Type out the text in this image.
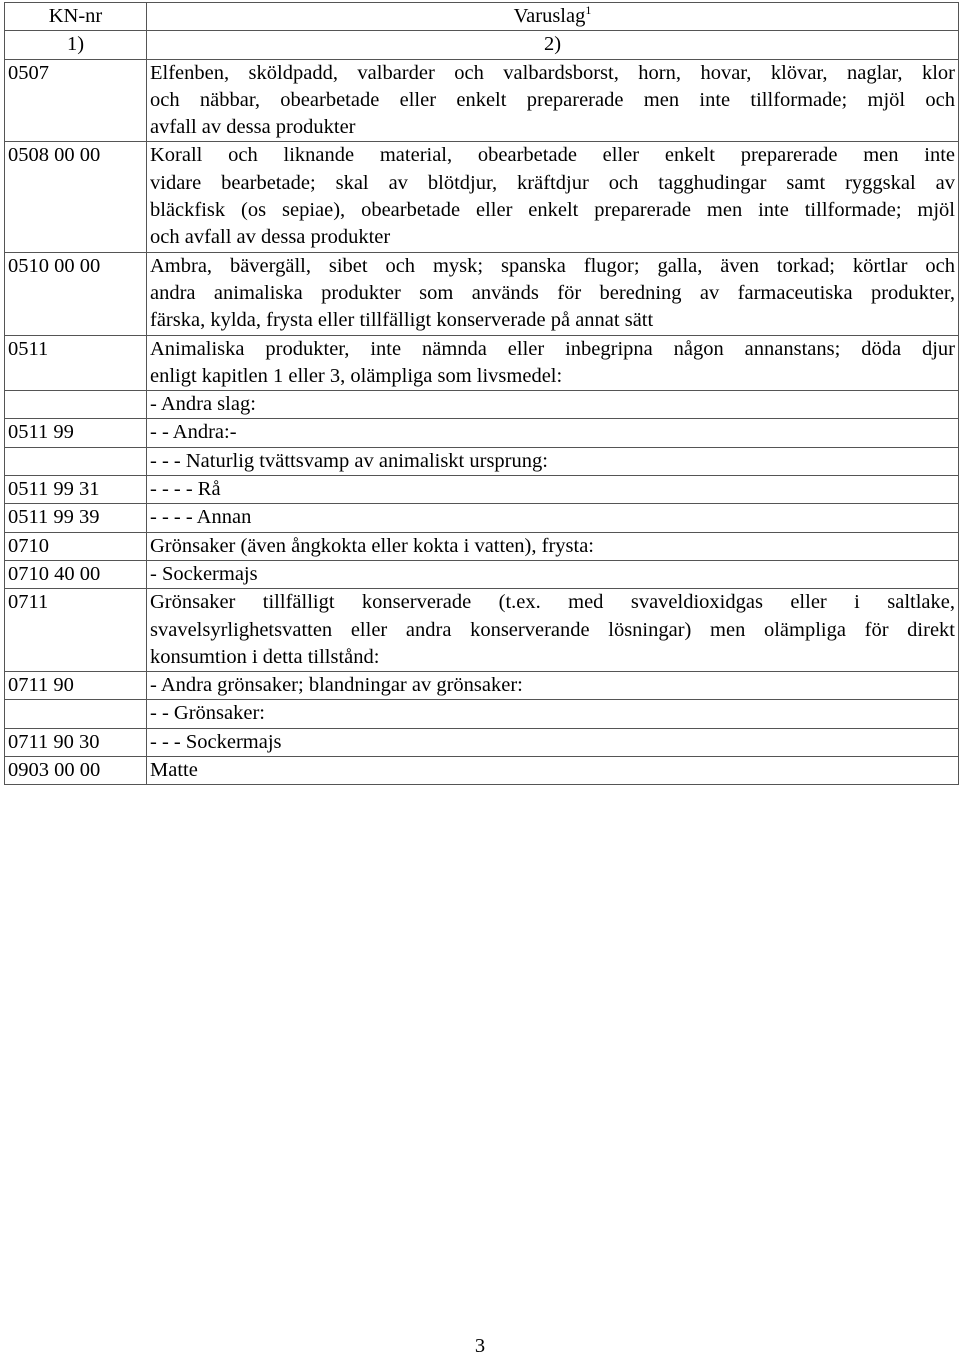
KN-nr	Varuslag$^1$
1)	2)
0507	Elfenben, sköldpadd, valbarder och valbardsborst, horn, hovar, klövar, naglar, klor
och näbbar, obearbetade eller enkelt preparerade men inte tillformade; mjöl och
avfall av dessa produkter

0508 00 00	Korall och liknande material, obearbetade eller enkelt preparerade men inte
vidare bearbetade; skal av blötdjur, kräftdjur och tagghudingar samt ryggskal av
bläckfisk (os sepiae), obearbetade eller enkelt preparerade men inte tillformade; mjöl
och avfall av dessa produkter

0510 00 00	Ambra, bävergäll, sibet och mysk; spanska flugor; galla, även torkad; körtlar och
andra animaliska produkter som används för beredning av farmaceutiska produkter,
färska, kylda, frysta eller tillfälligt konserverade på annat sätt

0511	Animaliska produkter, inte nämnda eller inbegripna någon annanstans; döda djur
enligt kapitlen 1 eller 3, olämpliga som livsmedel:

	- Andra slag:

0511 99	- - Andra:-

	- - - Naturlig tvättsvamp av animaliskt ursprung:

0511 99 31	- - - - Rå

0511 99 39	- - - - Annan

0710	Grönsaker (även ångkokta eller kokta i vatten), frysta:

0710 40 00	- Sockermajs

0711	Grönsaker tillfälligt konserverade (t.ex. med svaveldioxidgas eller i saltlake,
svavelsyrlighetsvatten eller andra konserverande lösningar) men olämpliga för direkt
konsumtion i detta tillstånd:

0711 90	- Andra grönsaker; blandningar av grönsaker:

	- - Grönsaker:

0711 90 30	- - - Sockermajs

0903 00 00	Matte
3
